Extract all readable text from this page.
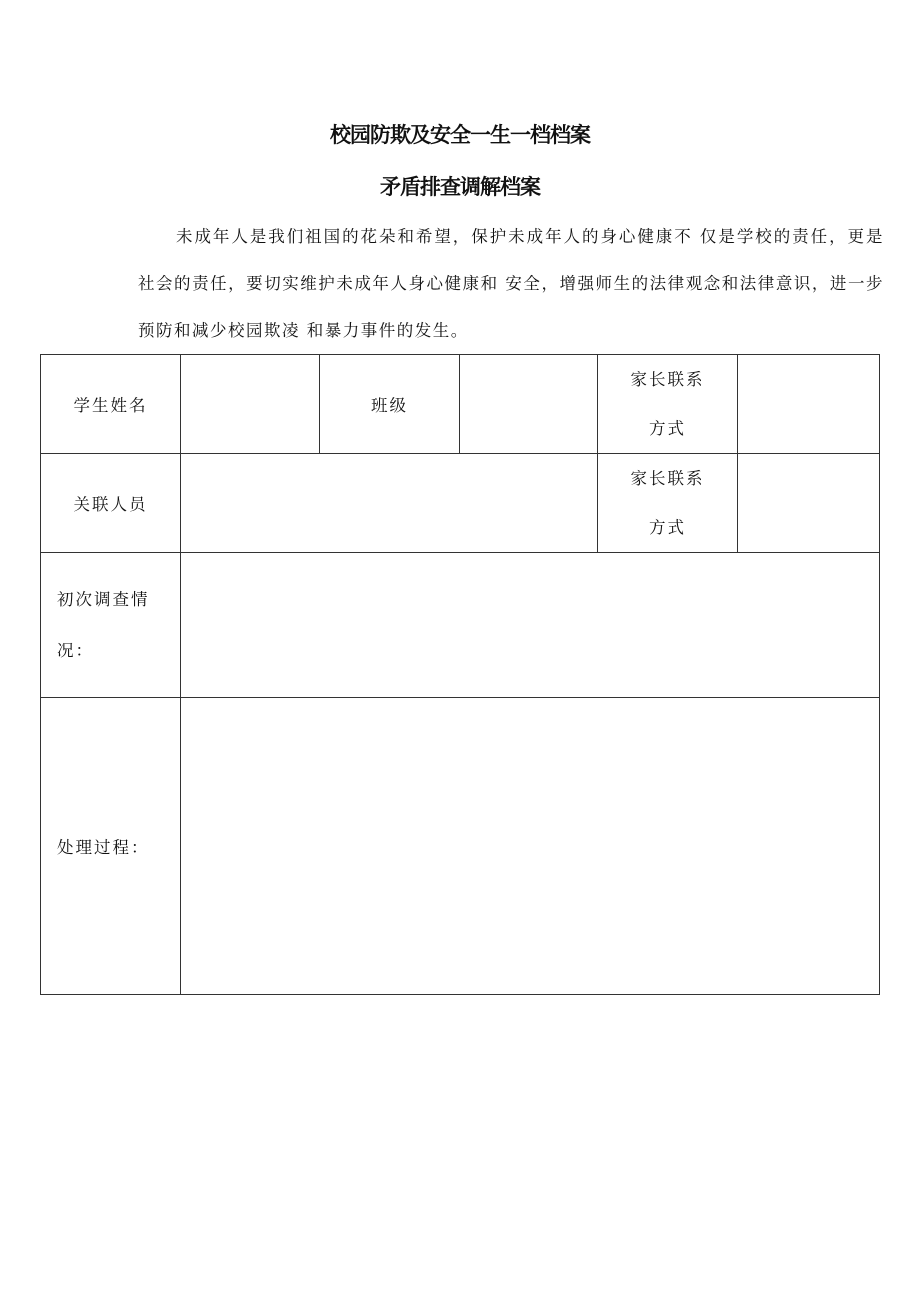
校园防欺及安全一生一档档案
矛盾排查调解档案

未成年人是我们祖国的花朵和希望，保护未成年人的身心健康不 仅是学校的责任，更是社会的责任，要切实维护未成年人身心健康和 安全，增强师生的法律观念和法律意识，进一步预防和减少校园欺凌 和暴力事件的发生。

学生姓名		班级		家长联系
方式	

关联人员				家长联系
方式	

初次调查情
况：					

处理过程：					
